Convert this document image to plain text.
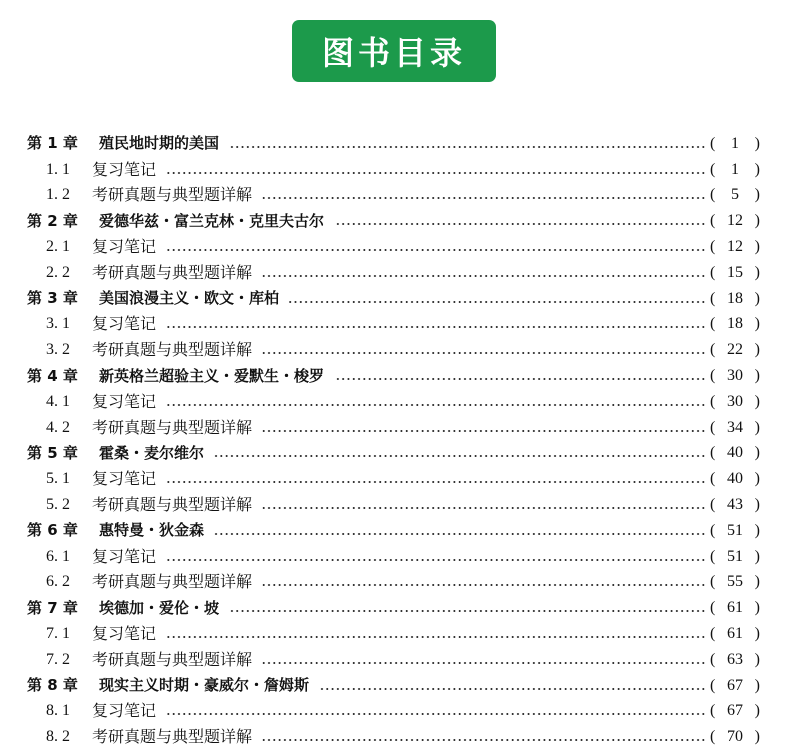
图书目录
第 1 章 殖民地时期的美国	( 1 )
1. 1 复习笔记	( 1 )
1. 2 考研真题与典型题详解	( 5 )
第 2 章 爱德华兹・富兰克林・克里夫古尔	( 12 )
2. 1 复习笔记	( 12 )
2. 2 考研真题与典型题详解	( 15 )
第 3 章 美国浪漫主义・欧文・库柏	( 18 )
3. 1 复习笔记	( 18 )
3. 2 考研真题与典型题详解	( 22 )
第 4 章 新英格兰超验主义・爱默生・梭罗	( 30 )
4. 1 复习笔记	( 30 )
4. 2 考研真题与典型题详解	( 34 )
第 5 章 霍桑・麦尔维尔	( 40 )
5. 1 复习笔记	( 40 )
5. 2 考研真题与典型题详解	( 43 )
第 6 章 惠特曼・狄金森	( 51 )
6. 1 复习笔记	( 51 )
6. 2 考研真题与典型题详解	( 55 )
第 7 章 埃德加・爱伦・坡	( 61 )
7. 1 复习笔记	( 61 )
7. 2 考研真题与典型题详解	( 63 )
第 8 章 现实主义时期・豪威尔・詹姆斯	( 67 )
8. 1 复习笔记	( 67 )
8. 2 考研真题与典型题详解	( 70 )
